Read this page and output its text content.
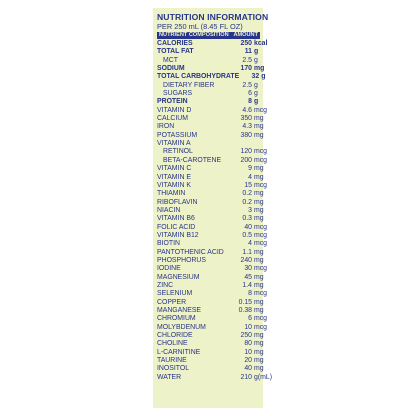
NUTRITION INFORMATION
PER 250 mL (8.45 FL OZ)
NUTRIENT COMPOSITION AMOUNT
CALORIES	250 kcal
TOTAL FAT	11 g
MCT	2.5 g
SODIUM	170 mg
TOTAL CARBOHYDRATE	32 g
DIETARY FIBER	2.5 g
SUGARS	6 g
PROTEIN	8 g
VITAMIN D	4.6 mcg
CALCIUM	350 mg
IRON	4.3 mg
POTASSIUM	380 mg
VITAMIN A
RETINOL	120 mcg
BETA-CAROTENE	200 mcg
VITAMIN C	9 mg
VITAMIN E	4 mg
VITAMIN K	15 mcg
THIAMIN	0.2 mg
RIBOFLAVIN	0.2 mg
NIACIN	3 mg
VITAMIN B6	0.3 mg
FOLIC ACID	40 mcg
VITAMIN B12	0.5 mcg
BIOTIN	4 mcg
PANTOTHENIC ACID	1.1 mg
PHOSPHORUS	240 mg
IODINE	30 mcg
MAGNESIUM	45 mg
ZINC	1.4 mg
SELENIUM	8 mcg
COPPER	0.15 mg
MANGANESE	0.38 mg
CHROMIUM	6 mcg
MOLYBDENUM	10 mcg
CHLORIDE	250 mg
CHOLINE	80 mg
L-CARNITINE	10 mg
TAURINE	20 mg
INOSITOL	40 mg
WATER	210 g(mL)
